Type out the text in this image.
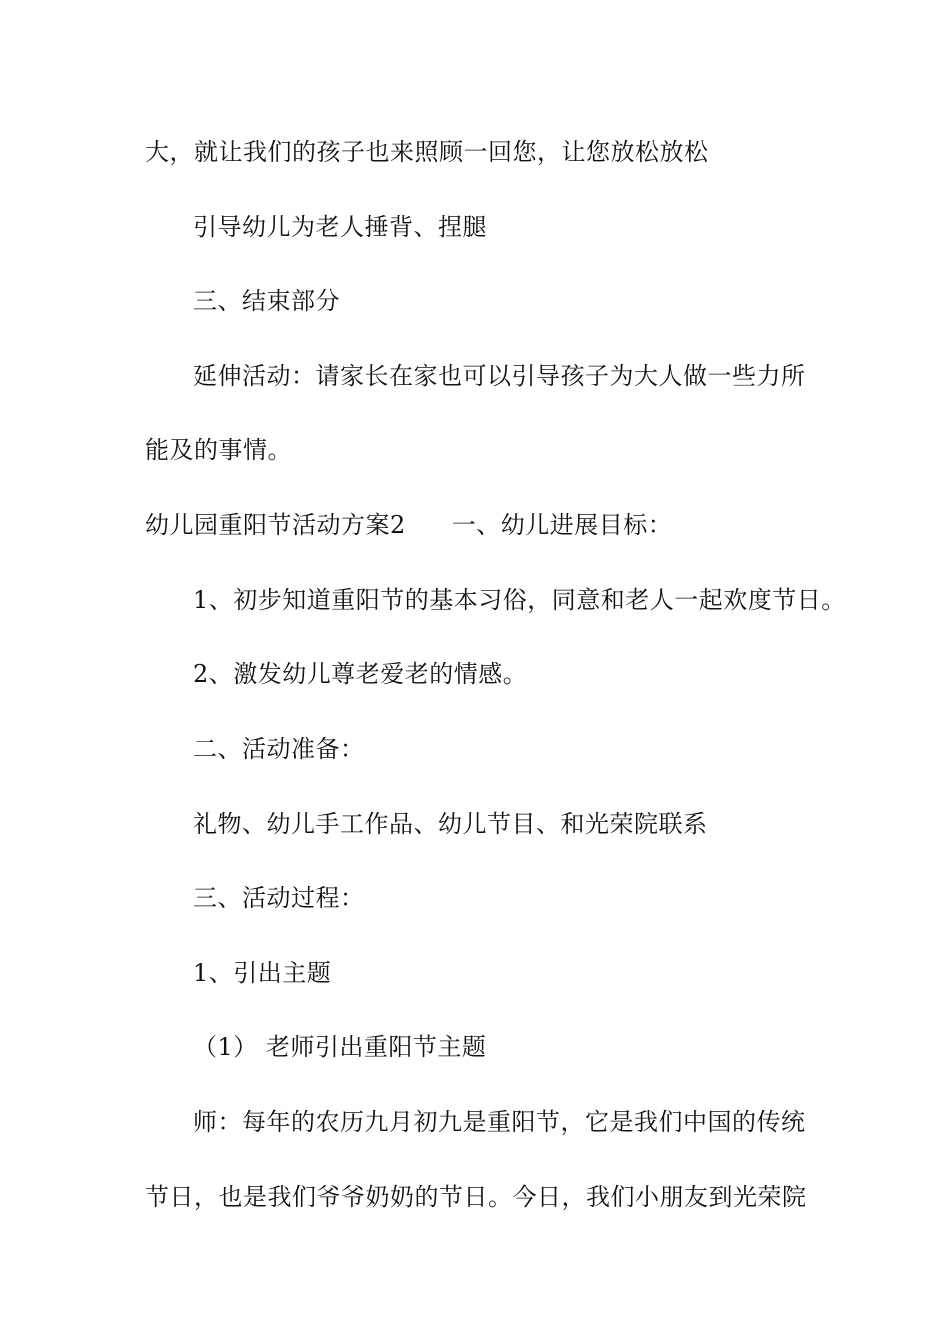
大，就让我们的孩子也来照顾一回您，让您放松放松
引导幼儿为老人捶背、捏腿
三、结束部分
延伸活动：请家长在家也可以引导孩子为大人做一些力所
能及的事情。
幼儿园重阳节活动方案2 一、幼儿进展目标：
1、初步知道重阳节的基本习俗，同意和老人一起欢度节日。
2、激发幼儿尊老爱老的情感。
二、活动准备：
礼物、幼儿手工作品、幼儿节目、和光荣院联系
三、活动过程：
1、引出主题
（1） 老师引出重阳节主题
师：每年的农历九月初九是重阳节，它是我们中国的传统
节日，也是我们爷爷奶奶的节日。今日，我们小朋友到光荣院
